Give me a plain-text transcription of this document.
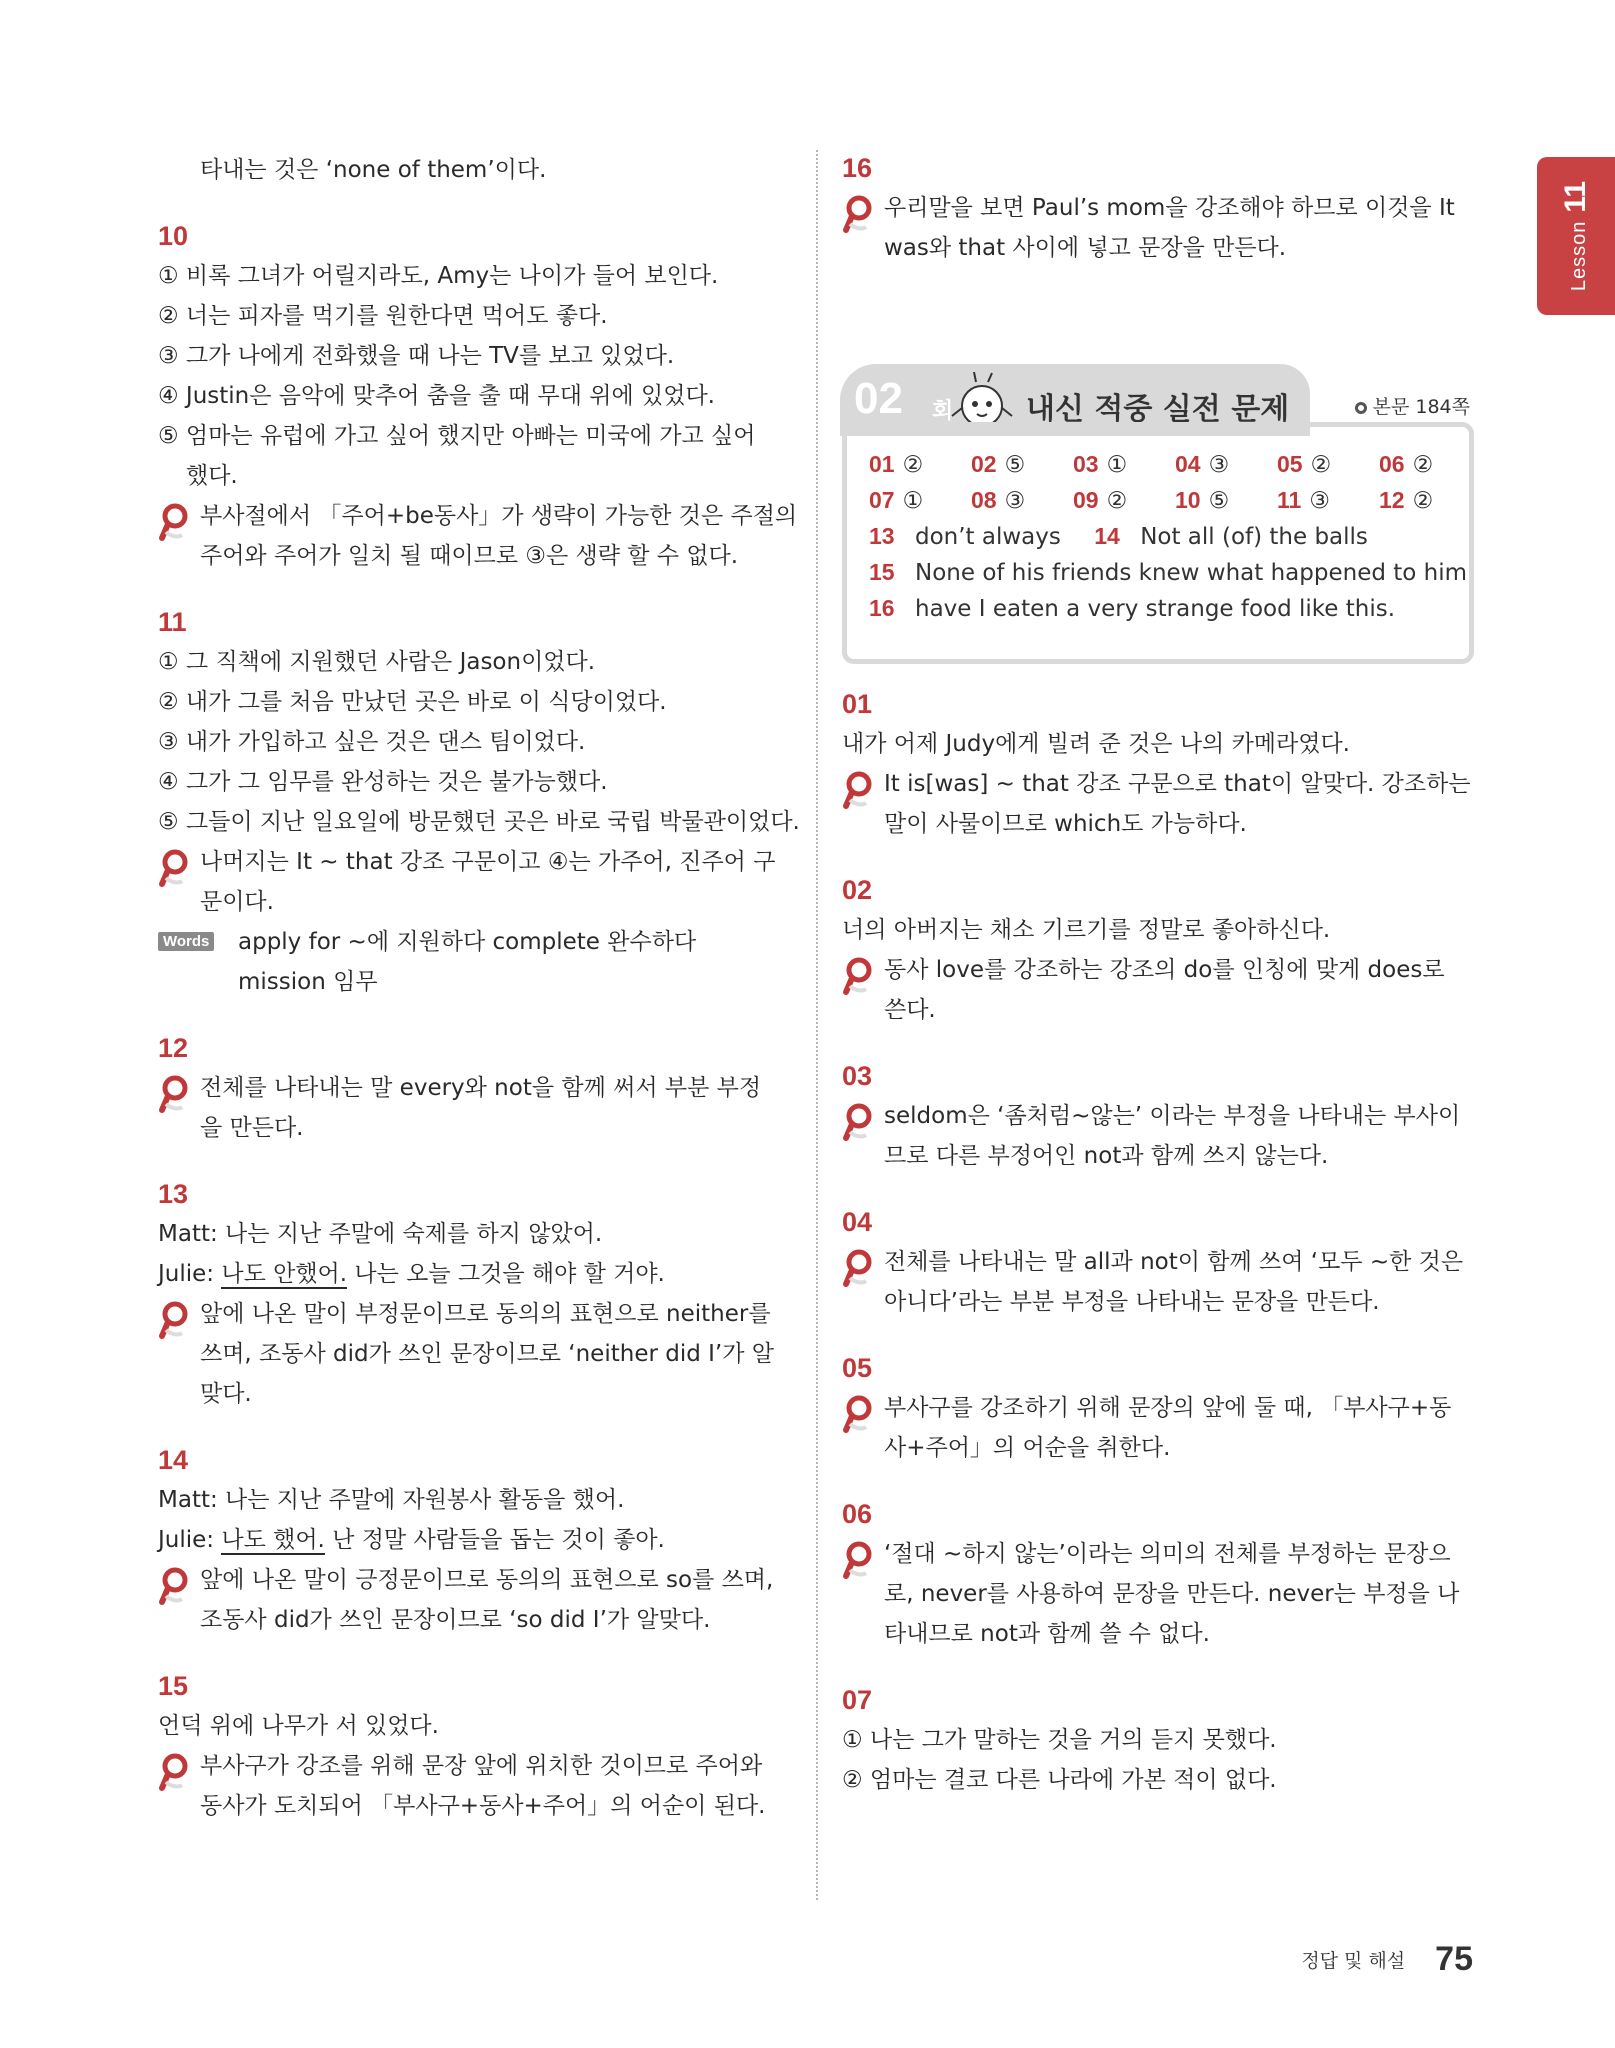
Lesson11
타내는 것은 ‘none of them’이다.
10
① 비록 그녀가 어릴지라도, Amy는 나이가 들어 보인다.
② 너는 피자를 먹기를 원한다면 먹어도 좋다.
③ 그가 나에게 전화했을 때 나는 TV를 보고 있었다.
④ Justin은 음악에 맞추어 춤을 출 때 무대 위에 있었다.
⑤ 엄마는 유럽에 가고 싶어 했지만 아빠는 미국에 가고 싶어
했다.
부사절에서 「주어+be동사」가 생략이 가능한 것은 주절의
주어와 주어가 일치 될 때이므로 ③은 생략 할 수 없다.
11
① 그 직책에 지원했던 사람은 Jason이었다.
② 내가 그를 처음 만났던 곳은 바로 이 식당이었다.
③ 내가 가입하고 싶은 것은 댄스 팀이었다.
④ 그가 그 임무를 완성하는 것은 불가능했다.
⑤ 그들이 지난 일요일에 방문했던 곳은 바로 국립 박물관이었다.
나머지는 It ~ that 강조 구문이고 ④는 가주어, 진주어 구
문이다.
Words apply for ~에 지원하다 complete 완수하다
mission 임무
12
전체를 나타내는 말 every와 not을 함께 써서 부분 부정
을 만든다.
13
Matt: 나는 지난 주말에 숙제를 하지 않았어.
Julie: 나도 안했어. 나는 오늘 그것을 해야 할 거야.
앞에 나온 말이 부정문이므로 동의의 표현으로 neither를
쓰며, 조동사 did가 쓰인 문장이므로 ‘neither did I’가 알
맞다.
14
Matt: 나는 지난 주말에 자원봉사 활동을 했어.
Julie: 나도 했어. 난 정말 사람들을 돕는 것이 좋아.
앞에 나온 말이 긍정문이므로 동의의 표현으로 so를 쓰며,
조동사 did가 쓰인 문장이므로 ‘so did I’가 알맞다.
15
언덕 위에 나무가 서 있었다.
부사구가 강조를 위해 문장 앞에 위치한 것이므로 주어와
동사가 도치되어 「부사구+동사+주어」의 어순이 된다.
16
우리말을 보면 Paul’s mom을 강조해야 하므로 이것을 It
was와 that 사이에 넣고 문장을 만든다.
02 회 내신 적중 실전 문제	본문 184쪽
01 ② 02 ⑤ 03 ① 04 ③ 05 ② 06 ②
07 ① 08 ③ 09 ② 10 ⑤ 11 ③ 12 ②
13 don’t always 14 Not all (of) the balls
15 None of his friends knew what happened to him
16 have I eaten a very strange food like this.
01
내가 어제 Judy에게 빌려 준 것은 나의 카메라였다.
It is[was] ~ that 강조 구문으로 that이 알맞다. 강조하는
말이 사물이므로 which도 가능하다.
02
너의 아버지는 채소 기르기를 정말로 좋아하신다.
동사 love를 강조하는 강조의 do를 인칭에 맞게 does로
쓴다.
03
seldom은 ‘좀처럼~않는’ 이라는 부정을 나타내는 부사이
므로 다른 부정어인 not과 함께 쓰지 않는다.
04
전체를 나타내는 말 all과 not이 함께 쓰여 ‘모두 ~한 것은
아니다’라는 부분 부정을 나타내는 문장을 만든다.
05
부사구를 강조하기 위해 문장의 앞에 둘 때, 「부사구+동
사+주어」의 어순을 취한다.
06
‘절대 ~하지 않는’이라는 의미의 전체를 부정하는 문장으
로, never를 사용하여 문장을 만든다. never는 부정을 나
타내므로 not과 함께 쓸 수 없다.
07
① 나는 그가 말하는 것을 거의 듣지 못했다.
② 엄마는 결코 다른 나라에 가본 적이 없다.
정답 및 해설 75
